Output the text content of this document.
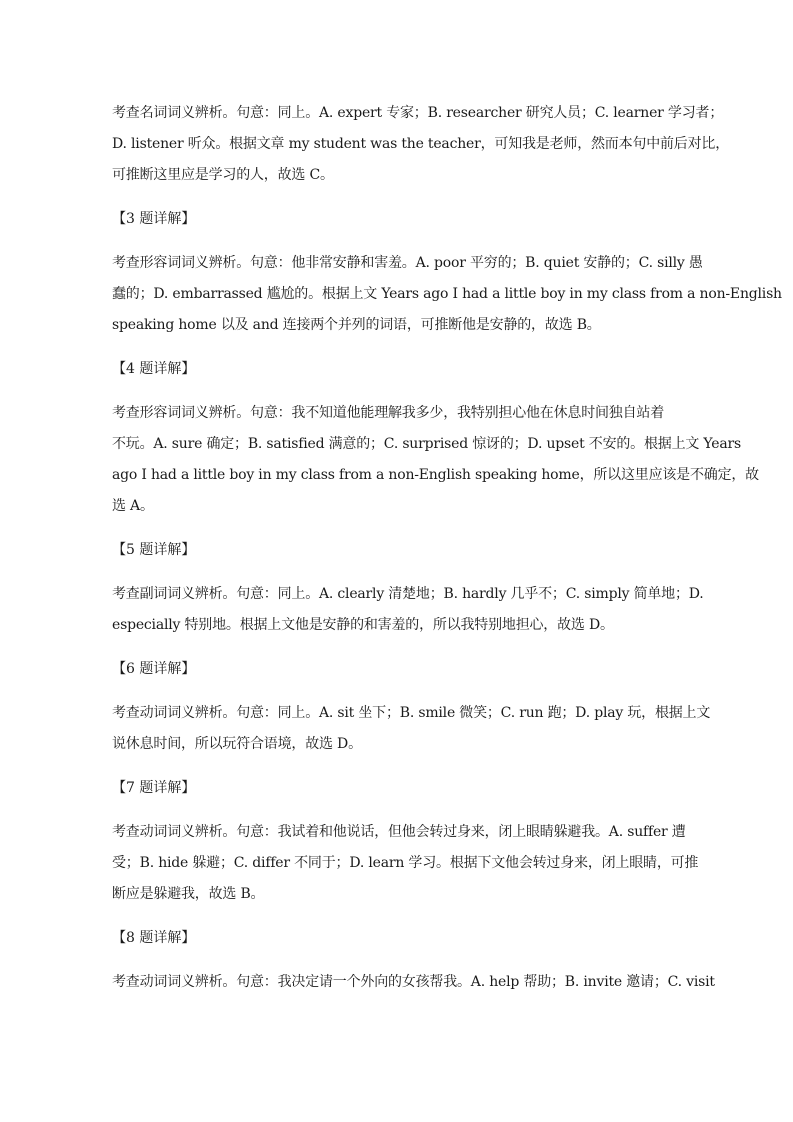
考查名词词义辨析。句意：同上。A. expert 专家；B. researcher 研究人员；C. learner 学习者；
D. listener 听众。根据文章 my student was the teacher，可知我是老师，然而本句中前后对比，
可推断这里应是学习的人，故选 C。

【3 题详解】

考查形容词词义辨析。句意：他非常安静和害羞。A. poor 平穷的；B. quiet 安静的；C. silly 愚
蠢的；D. embarrassed 尴尬的。根据上文 Years ago I had a little boy in my class from a non-English
speaking home 以及 and 连接两个并列的词语，可推断他是安静的，故选 B。

【4 题详解】

考查形容词词义辨析。句意：我不知道他能理解我多少，我特别担心他在休息时间独自站着
不玩。A. sure 确定；B. satisfied 满意的；C. surprised 惊讶的；D. upset 不安的。根据上文 Years
ago I had a little boy in my class from a non-English speaking home，所以这里应该是不确定，故
选 A。

【5 题详解】

考查副词词义辨析。句意：同上。A. clearly 清楚地；B. hardly 几乎不；C. simply 简单地；D.
especially 特别地。根据上文他是安静的和害羞的，所以我特别地担心，故选 D。

【6 题详解】

考查动词词义辨析。句意：同上。A. sit 坐下；B. smile 微笑；C. run 跑；D. play 玩，根据上文
说休息时间，所以玩符合语境，故选 D。

【7 题详解】

考查动词词义辨析。句意：我试着和他说话，但他会转过身来，闭上眼睛躲避我。A. suffer 遭
受；B. hide 躲避；C. differ 不同于；D. learn 学习。根据下文他会转过身来，闭上眼睛，可推
断应是躲避我，故选 B。

【8 题详解】

考查动词词义辨析。句意：我决定请一个外向的女孩帮我。A. help 帮助；B. invite 邀请；C. visit
